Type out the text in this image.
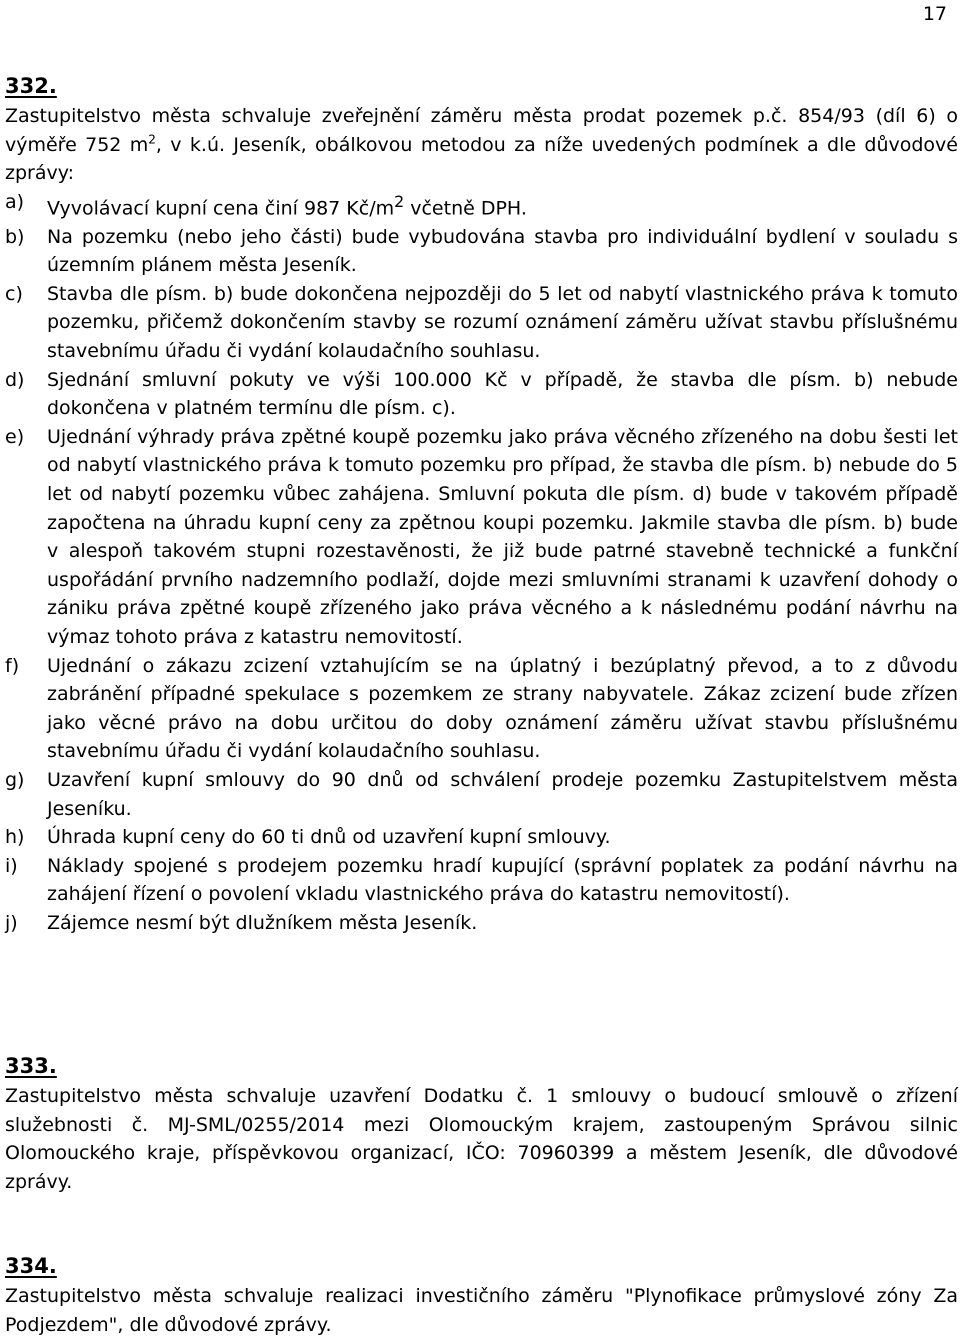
17
332.

Zastupitelstvo města schvaluje zveřejnění záměru města prodat pozemek p.č. 854/93 (díl 6) o výměře 752 $m^2$, v k.ú. Jeseník, obálkovou metodou za níže uvedených podmínek a dle důvodové zprávy:

a) Vyvolávací kupní cena činí 987 $Kč/m^2$ včetně DPH.
b) Na pozemku (nebo jeho části) bude vybudována stavba pro individuální bydlení v souladu s územním plánem města Jeseník.
c) Stavba dle písm. b) bude dokončena nejpozději do 5 let od nabytí vlastnického práva k tomuto pozemku, přičemž dokončením stavby se rozumí oznámení záměru užívat stavbu příslušnému stavebnímu úřadu či vydání kolaudačního souhlasu.
d) Sjednání smluvní pokuty ve výši 100.000 Kč v případě, že stavba dle písm. b) nebude dokončena v platném termínu dle písm. c).
e) Ujednání výhrady práva zpětné koupě pozemku jako práva věcného zřízeného na dobu šesti let od nabytí vlastnického práva k tomuto pozemku pro případ, že stavba dle písm. b) nebude do 5 let od nabytí pozemku vůbec zahájena. Smluvní pokuta dle písm. d) bude v takovém případě započtena na úhradu kupní ceny za zpětnou koupi pozemku. Jakmile stavba dle písm. b) bude v alespoň takovém stupni rozestavěnosti, že již bude patrné stavebně technické a funkční uspořádání prvního nadzemního podlaží, dojde mezi smluvními stranami k uzavření dohody o zániku práva zpětné koupě zřízeného jako práva věcného a k následnému podání návrhu na výmaz tohoto práva z katastru nemovitostí.
f) Ujednání o zákazu zcizení vztahujícím se na úplatný i bezúplatný převod, a to z důvodu zabránění případné spekulace s pozemkem ze strany nabyvatele. Zákaz zcizení bude zřízen jako věcné právo na dobu určitou do doby oznámení záměru užívat stavbu příslušnému stavebnímu úřadu či vydání kolaudačního souhlasu.
g) Uzavření kupní smlouvy do 90 dnů od schválení prodeje pozemku Zastupitelstvem města Jeseníku.
h) Úhrada kupní ceny do 60 ti dnů od uzavření kupní smlouvy.
i) Náklady spojené s prodejem pozemku hradí kupující (správní poplatek za podání návrhu na zahájení řízení o povolení vkladu vlastnického práva do katastru nemovitostí).
j) Zájemce nesmí být dlužníkem města Jeseník.
333.

Zastupitelstvo města schvaluje uzavření Dodatku č. 1 smlouvy o budoucí smlouvě o zřízení služebnosti č. MJ-SML/0255/2014 mezi Olomouckým krajem, zastoupeným Správou silnic Olomouckého kraje, příspěvkovou organizací, IČO: 70960399 a městem Jeseník, dle důvodové zprávy.

334.

Zastupitelstvo města schvaluje realizaci investičního záměru "Plynofikace průmyslové zóny Za Podjezdem", dle důvodové zprávy.
